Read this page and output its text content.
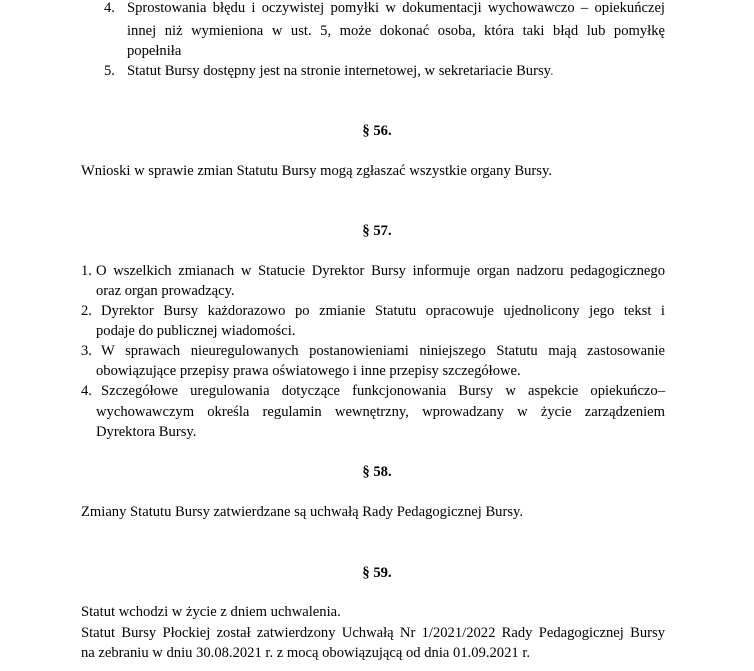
4. Sprostowania błędu i oczywistej pomyłki w dokumentacji wychowawczo – opiekuńczej
innej niż wymieniona w ust. 5, może dokonać osoba, która taki błąd lub pomyłkę
popełniła
5. Statut Bursy dostępny jest na stronie internetowej, w sekretariacie Bursy.
§ 56.
Wnioski w sprawie zmian Statutu Bursy mogą zgłaszać wszystkie organy Bursy.
§ 57.
1. O wszelkich zmianach w Statucie Dyrektor Bursy informuje organ nadzoru pedagogicznego
oraz organ prowadzący.
2. Dyrektor Bursy każdorazowo po zmianie Statutu opracowuje ujednolicony jego tekst i
podaje do publicznej wiadomości.
3. W sprawach nieuregulowanych postanowieniami niniejszego Statutu mają zastosowanie
obowiązujące przepisy prawa oświatowego i inne przepisy szczegółowe.
4. Szczegółowe uregulowania dotyczące funkcjonowania Bursy w aspekcie opiekuńczo–
wychowawczym określa regulamin wewnętrzny, wprowadzany w życie zarządzeniem
Dyrektora Bursy.
§ 58.
Zmiany Statutu Bursy zatwierdzane są uchwałą Rady Pedagogicznej Bursy.
§ 59.
Statut wchodzi w życie z dniem uchwalenia.
Statut Bursy Płockiej został zatwierdzony Uchwałą Nr 1/2021/2022 Rady Pedagogicznej Bursy
na zebraniu w dniu 30.08.2021 r. z mocą obowiązującą od dnia 01.09.2021 r.
